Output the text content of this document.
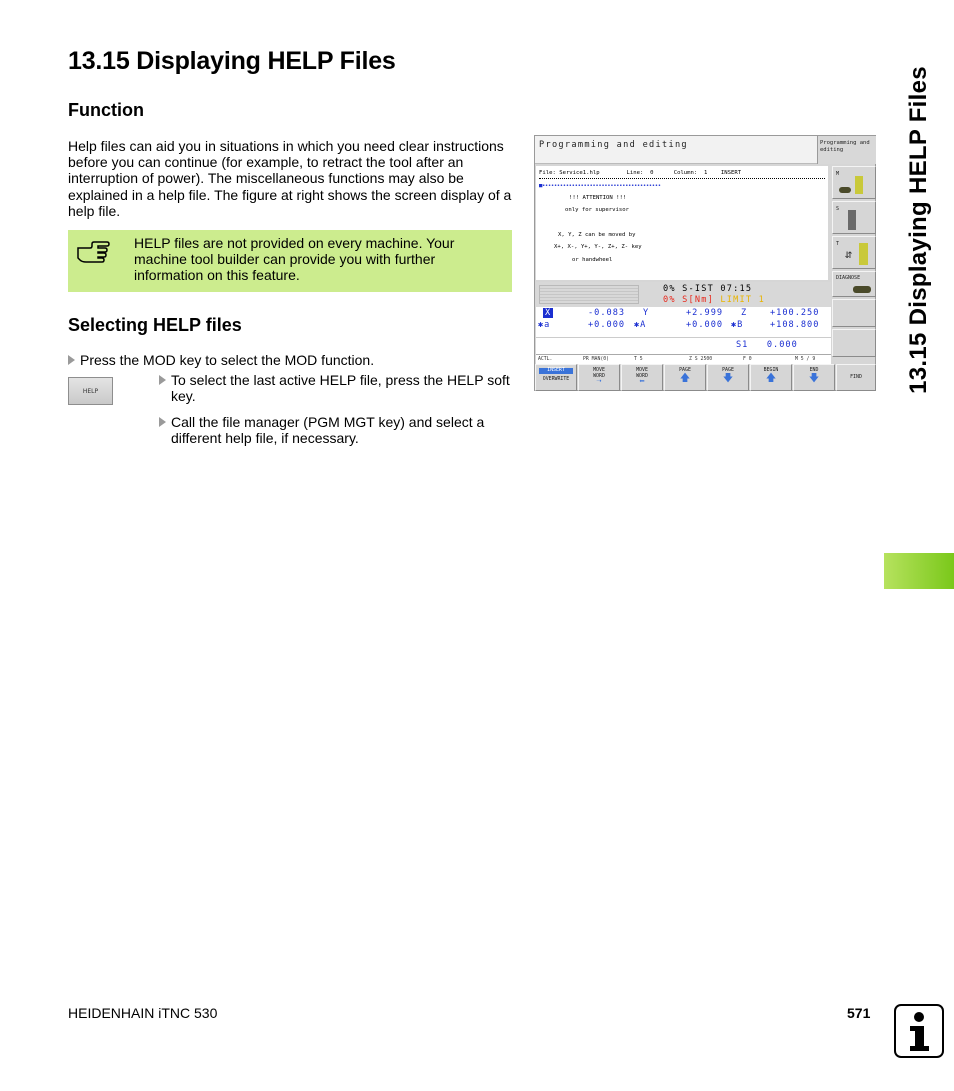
13.15 Displaying HELP Files
Function
Help files can aid you in situations in which you need clear instructions before you can continue (for example, to retract the tool after an interruption of power). The miscellaneous functions may also be explained in a help file. The figure at right shows the screen display of a help file.
HELP files are not provided on every machine. Your machine tool builder can provide you with further information on this feature.
Selecting HELP files
Press the MOD key to select the MOD function.
HELP
To select the last active HELP file, press the HELP soft key.
Call the file manager (PGM MGT key) and select a different help file, if necessary.
Programming and editing	Programming and editing
File: Service1.hlp        Line:  0      Column:  1    INSERT
■••••••••••••••••••••••••••••••••••••••••
!!! ATTENTION !!!
only for supervisor
X, Y, Z can be moved by
X+, X-, Y+, Y-, Z+, Z- key
or handwheel
M
S
T
⇵
DIAGNOSE
0% S-IST 07:15
0% S[Nm] LIMIT 1
X	-0.083 Y	+2.999 Z	+100.250
✱a	+0.000 ✱A	+0.000 ✱B	+108.800
S1   0.000
ACTL.	PR MAN(0)	T 5	Z S 2500	F 0	M 5 / 9
INSERT
OVERWRITE
MOVE
WORD
➝
MOVE
WORD
⬅
PAGE
🡅
PAGE
🡇
BEGIN
🡅
END
🡇	FIND	13.15 Displaying HELP Files
HEIDENHAIN iTNC 530	571
